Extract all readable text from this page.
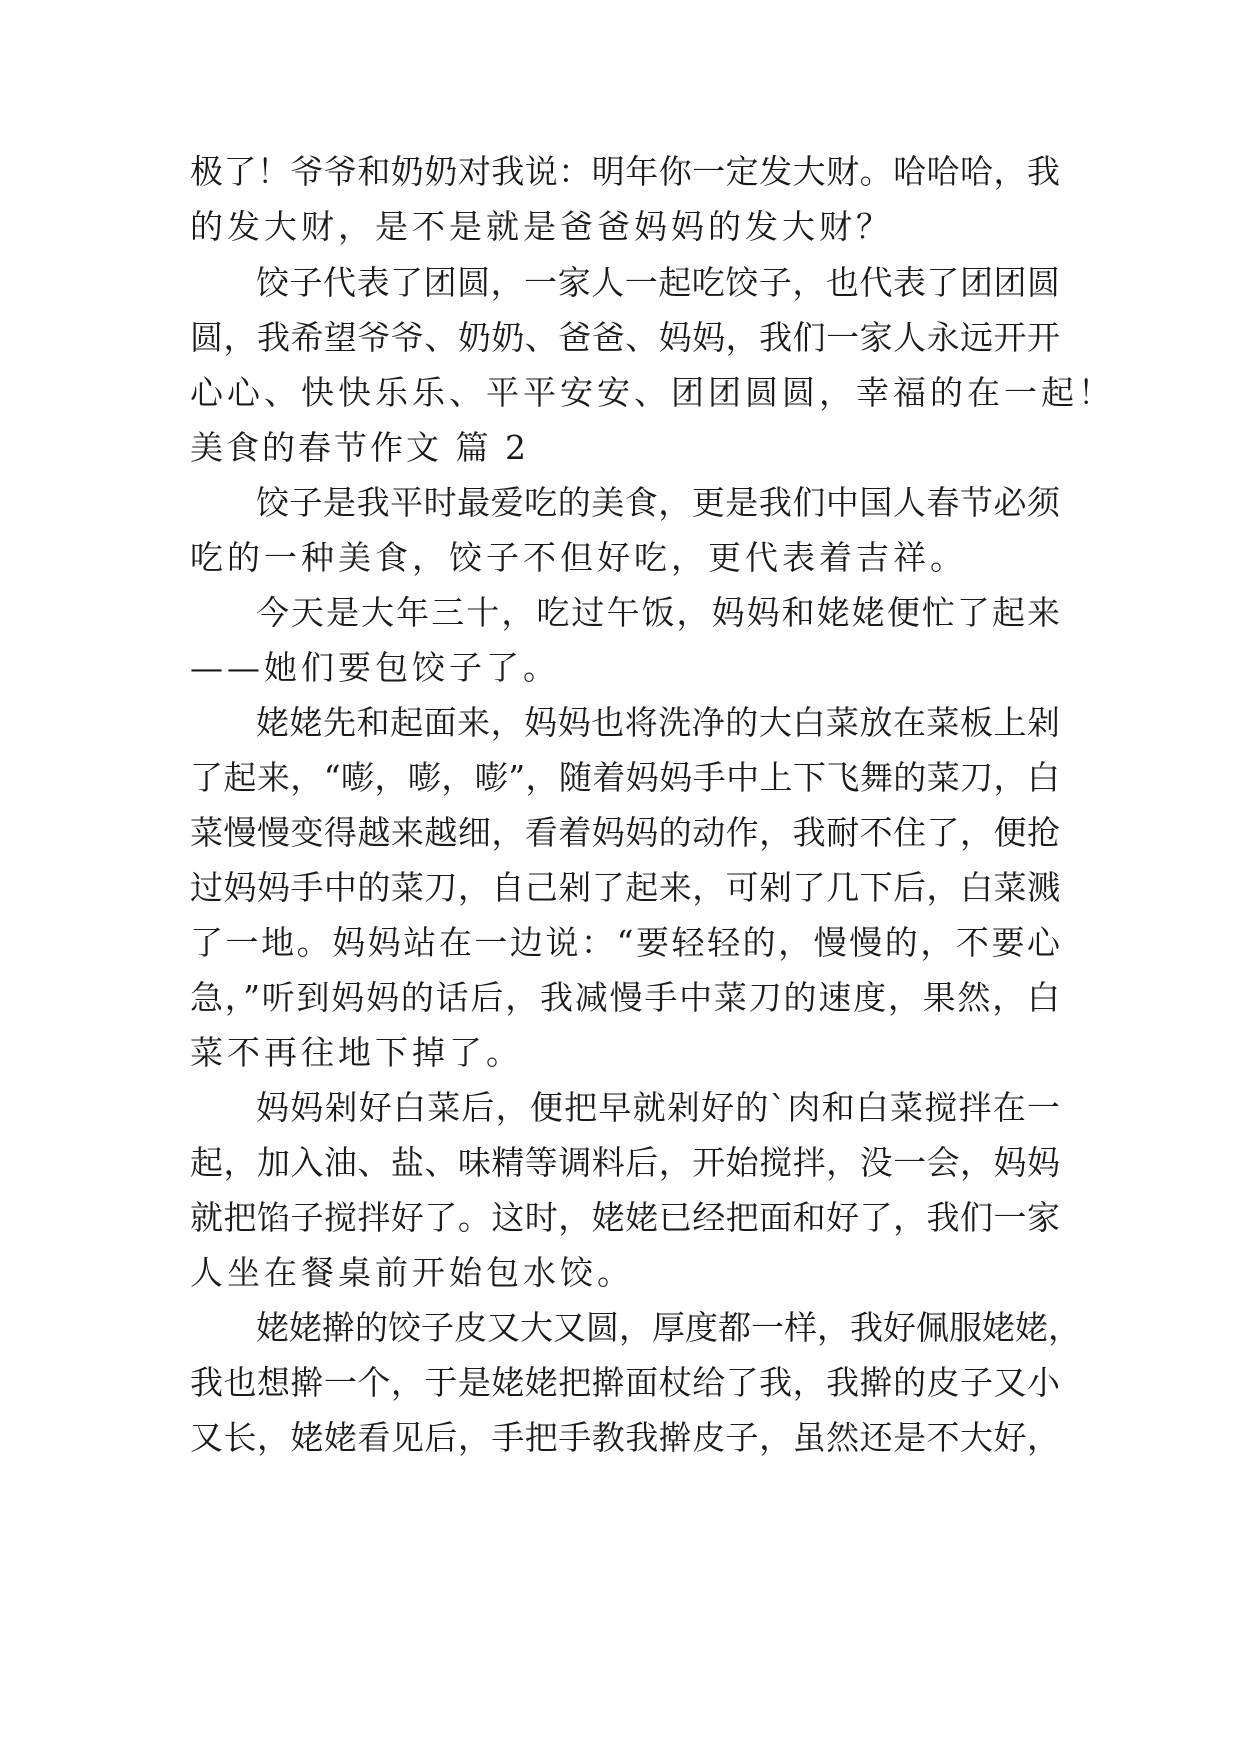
极了！爷爷和奶奶对我说：明年你一定发大财。哈哈哈，我
的发大财，是不是就是爸爸妈妈的发大财？
饺子代表了团圆，一家人一起吃饺子，也代表了团团圆
圆，我希望爷爷、奶奶、爸爸、妈妈，我们一家人永远开开
心心、快快乐乐、平平安安、团团圆圆，幸福的在一起！
美食的春节作文 篇 2
饺子是我平时最爱吃的美食，更是我们中国人春节必须
吃的一种美食，饺子不但好吃，更代表着吉祥。
今天是大年三十，吃过午饭，妈妈和姥姥便忙了起来
——她们要包饺子了。
姥姥先和起面来，妈妈也将洗净的大白菜放在菜板上剁
了起来，“嘭，嘭，嘭”，随着妈妈手中上下飞舞的菜刀，白
菜慢慢变得越来越细，看着妈妈的动作，我耐不住了，便抢
过妈妈手中的菜刀，自己剁了起来，可剁了几下后，白菜溅
了一地。妈妈站在一边说：“要轻轻的，慢慢的，不要心
急，”听到妈妈的话后，我减慢手中菜刀的速度，果然，白
菜不再往地下掉了。
妈妈剁好白菜后，便把早就剁好的`肉和白菜搅拌在一
起，加入油、盐、味精等调料后，开始搅拌，没一会，妈妈
就把馅子搅拌好了。这时，姥姥已经把面和好了，我们一家
人坐在餐桌前开始包水饺。
姥姥擀的饺子皮又大又圆，厚度都一样，我好佩服姥姥，
我也想擀一个，于是姥姥把擀面杖给了我，我擀的皮子又小
又长，姥姥看见后，手把手教我擀皮子，虽然还是不大好，
